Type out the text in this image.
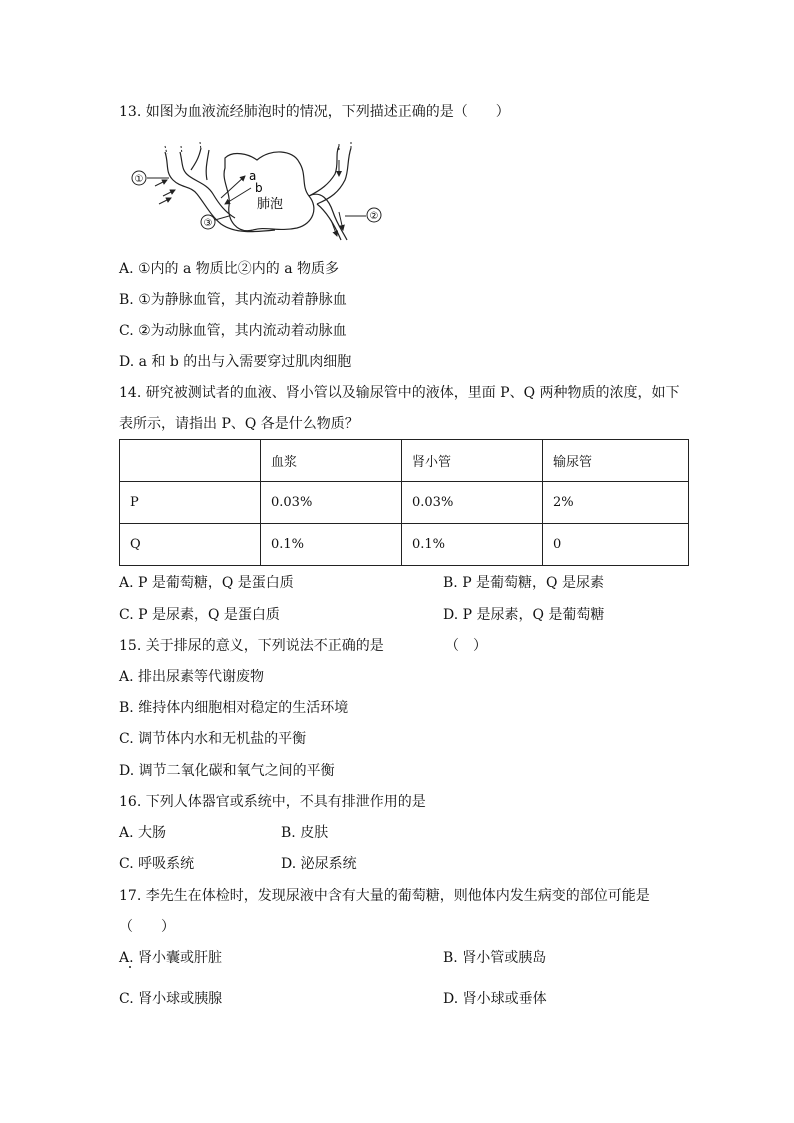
13. 如图为血液流经肺泡时的情况，下列描述正确的是（　　）
①
③
②
a
b
肺泡
A. ①内的 a 物质比②内的 a 物质多
B. ①为静脉血管，其内流动着静脉血
C. ②为动脉血管，其内流动着动脉血
D. a 和 b 的出与入需要穿过肌肉细胞
14. 研究被测试者的血液、肾小管以及输尿管中的液体，里面 P、Q 两种物质的浓度，如下
表所示，请指出 P、Q 各是什么物质？
	血浆	肾小管	输尿管
P	0.03%	0.03%	2%
Q	0.1%	0.1%	0
A. P 是葡萄糖，Q 是蛋白质	B. P 是葡萄糖，Q 是尿素
C. P 是尿素，Q 是蛋白质	D. P 是尿素，Q 是葡萄糖
15. 关于排尿的意义，下列说法不正确的是	（　）
A. 排出尿素等代谢废物
B. 维持体内细胞相对稳定的生活环境
C. 调节体内水和无机盐的平衡
D. 调节二氧化碳和氧气之间的平衡
16. 下列人体器官或系统中，不具有排泄作用的是
A. 大肠	B. 皮肤
C. 呼吸系统	D. 泌尿系统
17. 李先生在体检时，发现尿液中含有大量的葡萄糖，则他体内发生病变的部位可能是
（　　）
A. 肾小囊或肝脏	B. 肾小管或胰岛
C. 肾小球或胰腺	D. 肾小球或垂体
